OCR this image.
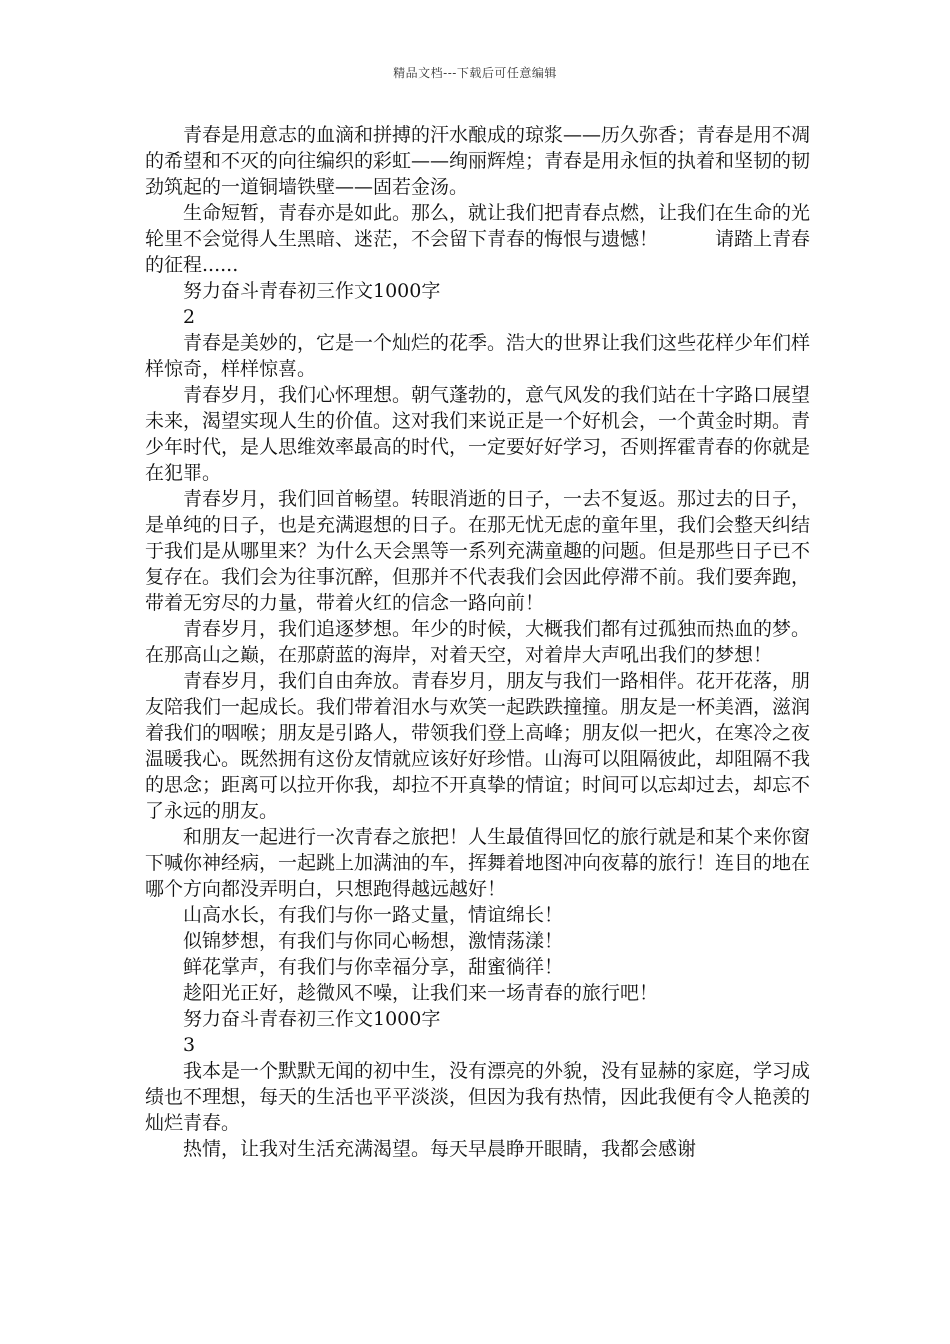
精品文档---下载后可任意编辑

青春是用意志的血滴和拼搏的汗水酿成的琼浆——历久弥香；青春是用不凋的希望和不灭的向往编织的彩虹——绚丽辉煌；青春是用永恒的执着和坚韧的韧劲筑起的一道铜墙铁壁——固若金汤。

生命短暂，青春亦是如此。那么，就让我们把青春点燃，让我们在生命的光轮里不会觉得人生黑暗、迷茫，不会留下青春的悔恨与遗憾！　　　请踏上青春的征程......

努力奋斗青春初三作文1000字

2

青春是美妙的，它是一个灿烂的花季。浩大的世界让我们这些花样少年们样样惊奇，样样惊喜。

青春岁月，我们心怀理想。朝气蓬勃的，意气风发的我们站在十字路口展望未来，渴望实现人生的价值。这对我们来说正是一个好机会，一个黄金时期。青少年时代，是人思维效率最高的时代，一定要好好学习，否则挥霍青春的你就是在犯罪。

青春岁月，我们回首畅望。转眼消逝的日子，一去不复返。那过去的日子，是单纯的日子，也是充满遐想的日子。在那无忧无虑的童年里，我们会整天纠结于我们是从哪里来？为什么天会黑等一系列充满童趣的问题。但是那些日子已不复存在。我们会为往事沉醉，但那并不代表我们会因此停滞不前。我们要奔跑，带着无穷尽的力量，带着火红的信念一路向前！

青春岁月，我们追逐梦想。年少的时候，大概我们都有过孤独而热血的梦。在那高山之巅，在那蔚蓝的海岸，对着天空，对着岸大声吼出我们的梦想！

青春岁月，我们自由奔放。青春岁月，朋友与我们一路相伴。花开花落，朋友陪我们一起成长。我们带着泪水与欢笑一起跌跌撞撞。朋友是一杯美酒，滋润着我们的咽喉；朋友是引路人，带领我们登上高峰；朋友似一把火，在寒冷之夜温暖我心。既然拥有这份友情就应该好好珍惜。山海可以阻隔彼此，却阻隔不我的思念；距离可以拉开你我，却拉不开真挚的情谊；时间可以忘却过去，却忘不了永远的朋友。

和朋友一起进行一次青春之旅把！人生最值得回忆的旅行就是和某个来你窗下喊你神经病，一起跳上加满油的车，挥舞着地图冲向夜幕的旅行！连目的地在哪个方向都没弄明白，只想跑得越远越好！

山高水长，有我们与你一路丈量，情谊绵长！

似锦梦想，有我们与你同心畅想，激情荡漾！

鲜花掌声，有我们与你幸福分享，甜蜜徜徉！

趁阳光正好，趁微风不噪，让我们来一场青春的旅行吧！

努力奋斗青春初三作文1000字

3

我本是一个默默无闻的初中生，没有漂亮的外貌，没有显赫的家庭，学习成绩也不理想，每天的生活也平平淡淡，但因为我有热情，因此我便有令人艳羡的灿烂青春。

热情，让我对生活充满渴望。每天早晨睁开眼睛，我都会感谢
